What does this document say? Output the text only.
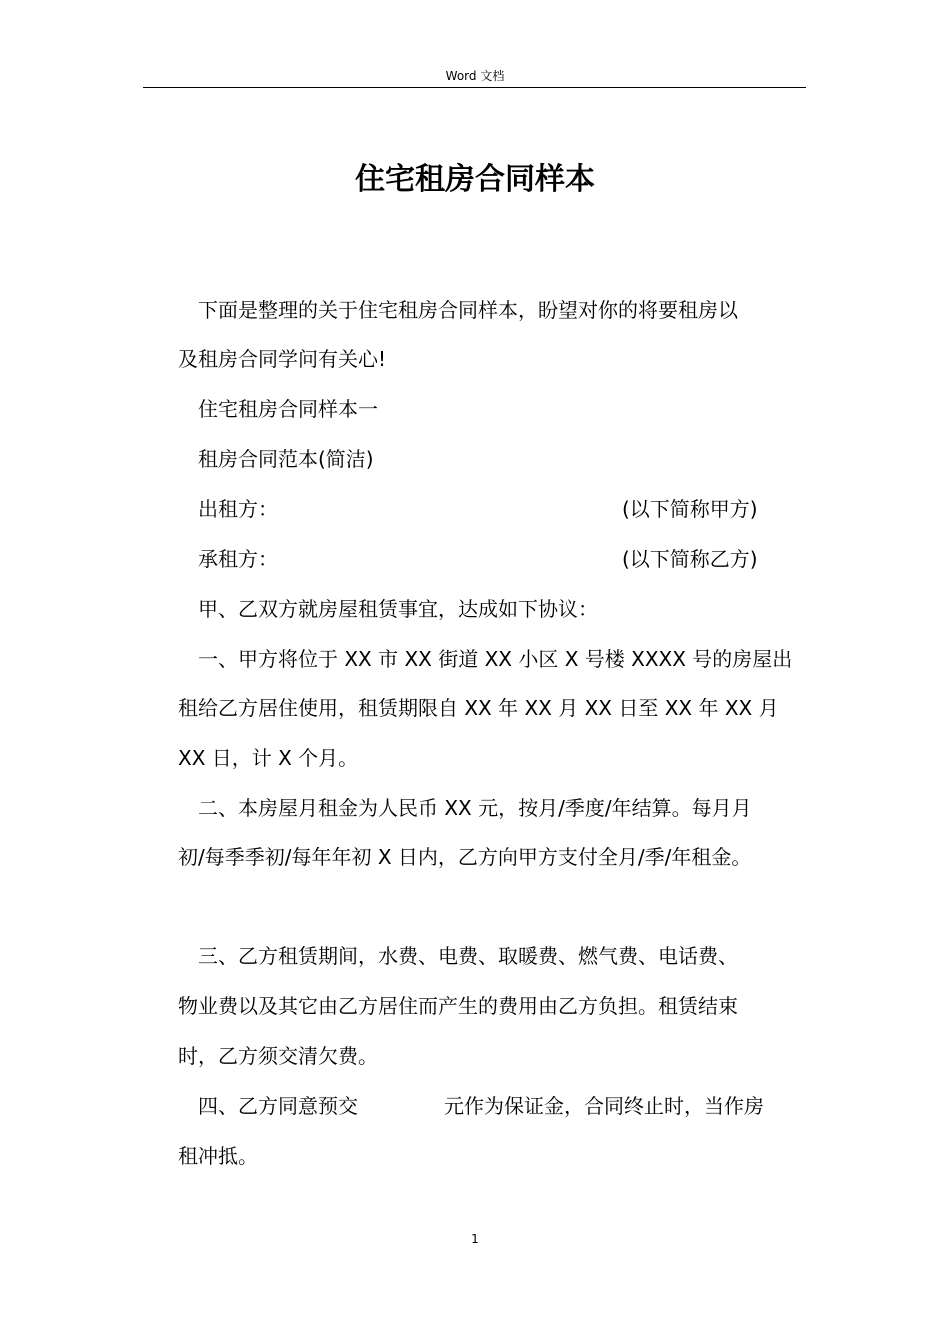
Word 文档
住宅租房合同样本
下面是整理的关于住宅租房合同样本，盼望对你的将要租房以
及租房合同学问有关心!
住宅租房合同样本一
租房合同范本(简洁)
出租方：	(以下简称甲方)
承租方：	(以下简称乙方)
甲、乙双方就房屋租赁事宜，达成如下协议：
一、甲方将位于 XX 市 XX 街道 XX 小区 X 号楼 XXXX 号的房屋出
租给乙方居住使用，租赁期限自 XX 年 XX 月 XX 日至 XX 年 XX 月
XX 日，计 X 个月。
二、本房屋月租金为人民币 XX 元，按月/季度/年结算。每月月
初/每季季初/每年年初 X 日内，乙方向甲方支付全月/季/年租金。
三、乙方租赁期间，水费、电费、取暖费、燃气费、电话费、
物业费以及其它由乙方居住而产生的费用由乙方负担。租赁结束
时，乙方须交清欠费。
四、乙方同意预交	元作为保证金，合同终止时，当作房
租冲抵。
1
